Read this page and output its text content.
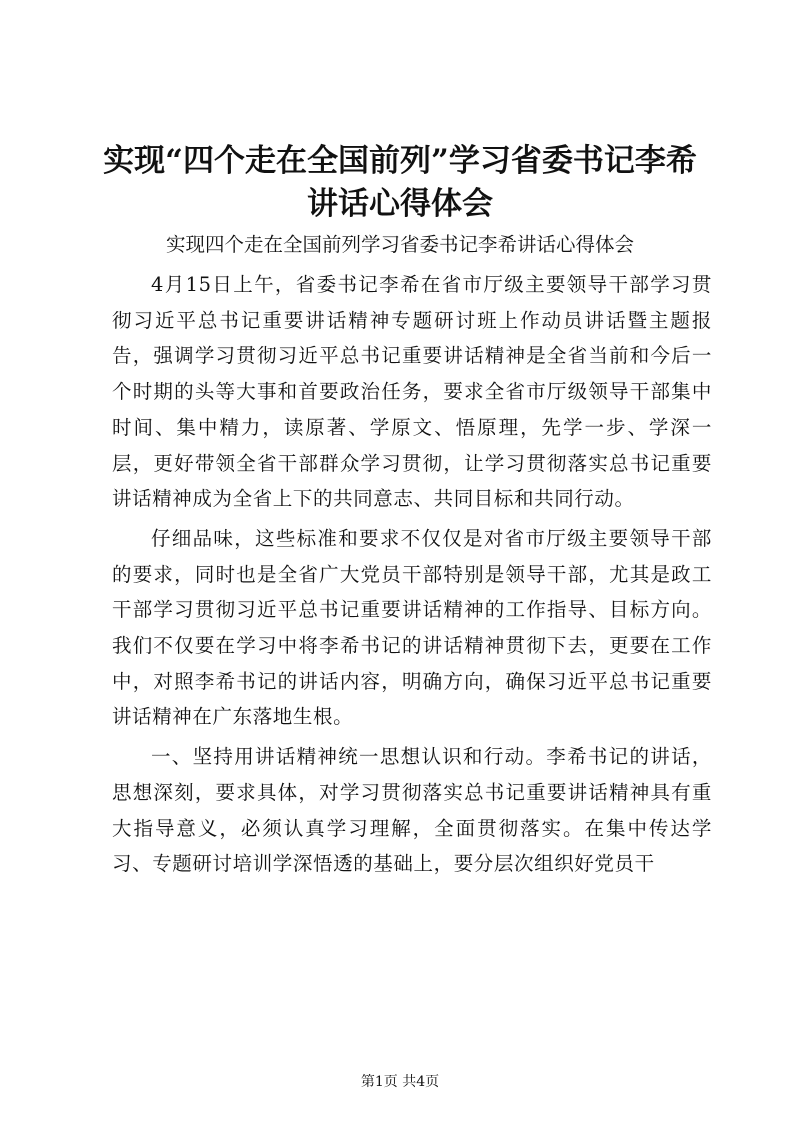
实现“四个走在全国前列”学习省委书记李希
讲话心得体会

实现四个走在全国前列学习省委书记李希讲话心得体会

4月15日上午，省委书记李希在省市厅级主要领导干部学习贯彻习近平总书记重要讲话精神专题研讨班上作动员讲话暨主题报告，强调学习贯彻习近平总书记重要讲话精神是全省当前和今后一个时期的头等大事和首要政治任务，要求全省市厅级领导干部集中时间、集中精力，读原著、学原文、悟原理，先学一步、学深一层，更好带领全省干部群众学习贯彻，让学习贯彻落实总书记重要讲话精神成为全省上下的共同意志、共同目标和共同行动。

仔细品味，这些标准和要求不仅仅是对省市厅级主要领导干部的要求，同时也是全省广大党员干部特别是领导干部，尤其是政工干部学习贯彻习近平总书记重要讲话精神的工作指导、目标方向。我们不仅要在学习中将李希书记的讲话精神贯彻下去，更要在工作中，对照李希书记的讲话内容，明确方向，确保习近平总书记重要讲话精神在广东落地生根。

一、坚持用讲话精神统一思想认识和行动。李希书记的讲话，思想深刻，要求具体，对学习贯彻落实总书记重要讲话精神具有重大指导意义，必须认真学习理解，全面贯彻落实。在集中传达学习、专题研讨培训学深悟透的基础上，要分层次组织好党员干

第1页 共4页
